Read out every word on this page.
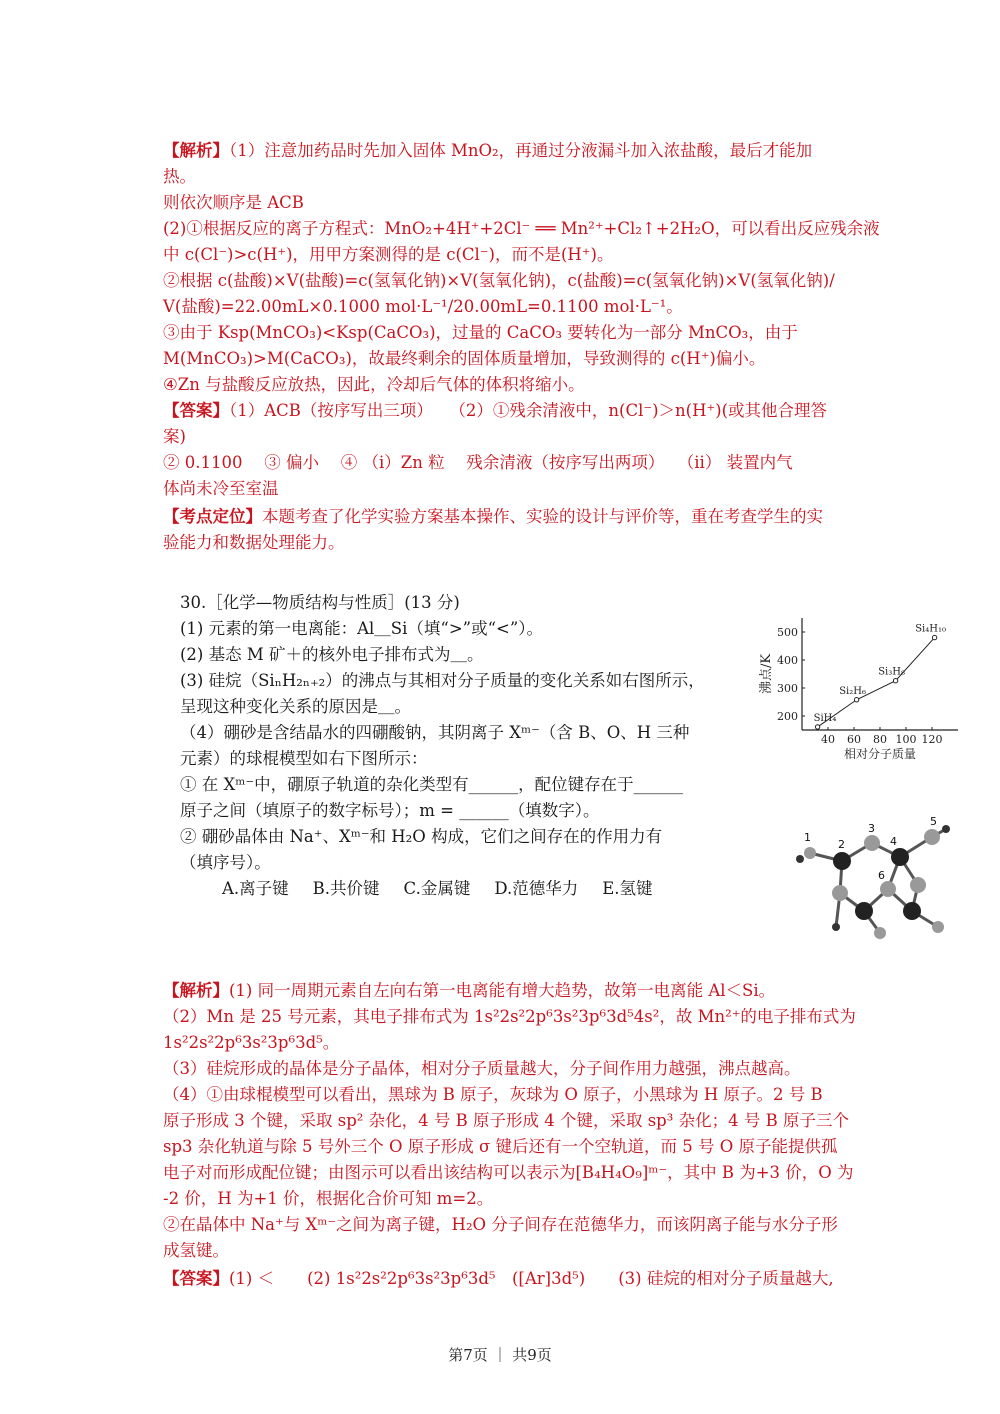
【解析】（1）注意加药品时先加入固体 MnO₂，再通过分液漏斗加入浓盐酸，最后才能加
热。
则依次顺序是 ACB
(2)①根据反应的离子方程式：MnO₂+4H⁺+2Cl⁻ ══ Mn²⁺+Cl₂↑+2H₂O，可以看出反应残余液
中 c(Cl⁻)>c(H⁺)，用甲方案测得的是 c(Cl⁻)，而不是(H⁺)。
②根据 c(盐酸)×V(盐酸)=c(氢氧化钠)×V(氢氧化钠)，c(盐酸)=c(氢氧化钠)×V(氢氧化钠)/
V(盐酸)=22.00mL×0.1000 mol·L⁻¹/20.00mL=0.1100 mol·L⁻¹。
③由于 Ksp(MnCO₃)<Ksp(CaCO₃)，过量的 CaCO₃ 要转化为一部分 MnCO₃，由于
M(MnCO₃)>M(CaCO₃)，故最终剩余的固体质量增加，导致测得的 c(H⁺)偏小。
④Zn 与盐酸反应放热，因此，冷却后气体的体积将缩小。
【答案】（1）ACB（按序写出三项）　　（2）①残余清液中，n(Cl⁻)＞n(H⁺)(或其他合理答
案)
② 0.1100　 ③ 偏小　 ④ （ⅰ）Zn 粒　 残余清液（按序写出两项）　 （ⅱ） 装置内气
体尚未冷至室温
【考点定位】本题考查了化学实验方案基本操作、实验的设计与评价等，重在考查学生的实
验能力和数据处理能力。
30.［化学—物质结构与性质］(13 分)
(1) 元素的第一电离能：Al＿Si（填“>”或“<”）。
(2) 基态 M 矿＋的核外电子排布式为＿。
(3) 硅烷（SiₙH₂ₙ₊₂）的沸点与其相对分子质量的变化关系如右图所示，
呈现这种变化关系的原因是＿。
（4）硼砂是含结晶水的四硼酸钠，其阴离子 Xᵐ⁻（含 B、O、H 三种
元素）的球棍模型如右下图所示：
① 在 Xᵐ⁻中，硼原子轨道的杂化类型有______，配位键存在于______
原子之间（填原子的数字标号）；m = ______（填数字）。
② 硼砂晶体由 Na⁺、Xᵐ⁻和 H₂O 构成，它们之间存在的作用力有
（填序号）。
A.离子键 B.共价键 C.金属键 D.范德华力 E.氢键
沸点/K
相对分子质量
40 60 80 100 120
200
300
400
500
SiH₄
Si₂H₆
Si₃H₈
Si₄H₁₀
1
2
3
4
5
6
【解析】(1) 同一周期元素自左向右第一电离能有增大趋势，故第一电离能 Al＜Si。
（2）Mn 是 25 号元素，其电子排布式为 1s²2s²2p⁶3s²3p⁶3d⁵4s²，故 Mn²⁺的电子排布式为
1s²2s²2p⁶3s²3p⁶3d⁵。
（3）硅烷形成的晶体是分子晶体，相对分子质量越大，分子间作用力越强，沸点越高。
（4）①由球棍模型可以看出，黑球为 B 原子，灰球为 O 原子，小黑球为 H 原子。2 号 B
原子形成 3 个键，采取 sp² 杂化，4 号 B 原子形成 4 个键，采取 sp³ 杂化；4 号 B 原子三个
sp3 杂化轨道与除 5 号外三个 O 原子形成 σ 键后还有一个空轨道，而 5 号 O 原子能提供孤
电子对而形成配位键；由图示可以看出该结构可以表示为[B₄H₄O₉]ᵐ⁻，其中 B 为+3 价，O 为
-2 价，H 为+1 价，根据化合价可知 m=2。
②在晶体中 Na⁺与 Xᵐ⁻之间为离子键，H₂O 分子间存在范德华力，而该阴离子能与水分子形
成氢键。
【答案】(1) ＜　　(2) 1s²2s²2p⁶3s²3p⁶3d⁵　([Ar]3d⁵)　　(3) 硅烷的相对分子质量越大,
第7页 ｜ 共9页
